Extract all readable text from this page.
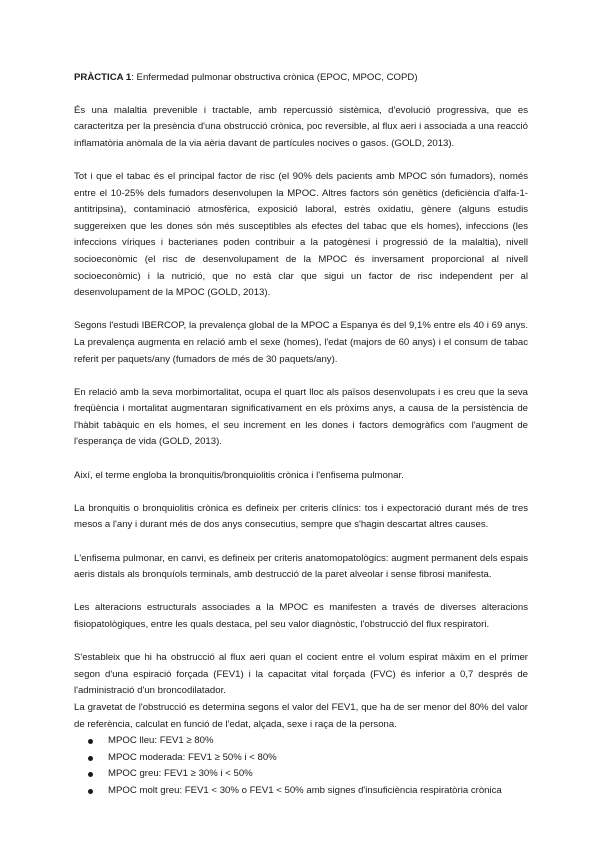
PRÀCTICA 1: Enfermedad pulmonar obstructiva crònica (EPOC, MPOC, COPD)

És una malaltia prevenible i tractable, amb repercussió sistèmica, d'evolució progressiva, que es caracteritza per la presència d'una obstrucció crònica, poc reversible, al flux aeri i associada a una reacció inflamatòria anòmala de la via aèria davant de partícules nocives o gasos. (GOLD, 2013).

Tot i que el tabac és el principal factor de risc (el 90% dels pacients amb MPOC són fumadors), només entre el 10-25% dels fumadors desenvolupen la MPOC. Altres factors són genètics (deficiència d'alfa-1-antitripsina), contaminació atmosfèrica, exposició laboral, estrès oxidatiu, gènere (alguns estudis suggereixen que les dones són més susceptibles als efectes del tabac que els homes), infeccions (les infeccions víriques i bacterianes poden contribuir a la patogènesi i progressió de la malaltia), nivell socioeconòmic (el risc de desenvolupament de la MPOC és inversament proporcional al nivell socioeconòmic) i la nutrició, que no està clar que sigui un factor de risc independent per al desenvolupament de la MPOC (GOLD, 2013).

Segons l'estudi IBERCOP, la prevalença global de la MPOC a Espanya és del 9,1% entre els 40 i 69 anys. La prevalença augmenta en relació amb el sexe (homes), l'edat (majors de 60 anys) i el consum de tabac referit per paquets/any (fumadors de més de 30 paquets/any).

En relació amb la seva morbimortalitat, ocupa el quart lloc als països desenvolupats i es creu que la seva freqüència i mortalitat augmentaran significativament en els pròxims anys, a causa de la persistència de l'hàbit tabàquic en els homes, el seu increment en les dones i factors demogràfics com l'augment de l'esperança de vida (GOLD, 2013).

Així, el terme engloba la bronquitis/bronquiolitis crònica i l'enfisema pulmonar.

La bronquitis o bronquiolitis crònica es defineix per criteris clínics: tos i expectoració durant més de tres mesos a l'any i durant més de dos anys consecutius, sempre que s'hagin descartat altres causes.

L'enfisema pulmonar, en canvi, es defineix per criteris anatomopatològics: augment permanent dels espais aeris distals als bronquíols terminals, amb destrucció de la paret alveolar i sense fibrosi manifesta.

Les alteracions estructurals associades a la MPOC es manifesten a través de diverses alteracions fisiopatològiques, entre les quals destaca, pel seu valor diagnòstic, l'obstrucció del flux respiratori.

S'estableix que hi ha obstrucció al flux aeri quan el cocient entre el volum espirat màxim en el primer segon d'una espiració forçada (FEV1) i la capacitat vital forçada (FVC) és inferior a 0,7 després de l'administració d'un broncodilatador.

La gravetat de l'obstrucció es determina segons el valor del FEV1, que ha de ser menor del 80% del valor de referència, calculat en funció de l'edat, alçada, sexe i raça de la persona.

MPOC lleu: FEV1 ≥ 80%
MPOC moderada: FEV1 ≥ 50% i < 80%
MPOC greu: FEV1 ≥ 30% i < 50%
MPOC molt greu: FEV1 < 30% o FEV1 < 50% amb signes d'insuficiència respiratòria crònica
